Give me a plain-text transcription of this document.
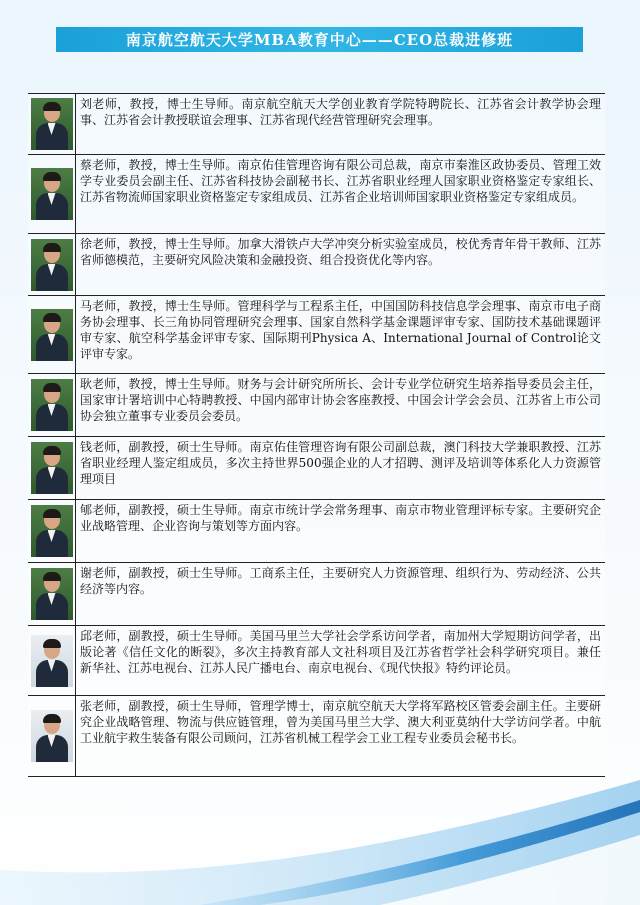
南京航空航天大学MBA教育中心——CEO总裁进修班
刘老师，教授，博士生导师。南京航空航天大学创业教育学院特聘院长、江苏省会计教学协会理事、江苏省会计教授联谊会理事、江苏省现代经营管理研究会理事。
蔡老师，教授，博士生导师。南京佑佳管理咨询有限公司总裁，南京市秦淮区政协委员、管理工效学专业委员会副主任、江苏省科技协会副秘书长、江苏省职业经理人国家职业资格鉴定专家组长、江苏省物流师国家职业资格鉴定专家组成员、江苏省企业培训师国家职业资格鉴定专家组成员。
徐老师，教授，博士生导师。加拿大滑铁卢大学冲突分析实验室成员，校优秀青年骨干教师、江苏省师德模范，主要研究风险决策和金融投资、组合投资优化等内容。
马老师，教授，博士生导师。管理科学与工程系主任，中国国防科技信息学会理事、南京市电子商务协会理事、长三角协同管理研究会理事、国家自然科学基金课题评审专家、国防技术基础课题评审专家、航空科学基金评审专家、国际期刊Physica A、International Journal of Control论文评审专家。
耿老师，教授，博士生导师。财务与会计研究所所长、会计专业学位研究生培养指导委员会主任，国家审计署培训中心特聘教授、中国内部审计协会客座教授、中国会计学会会员、江苏省上市公司协会独立董事专业委员会委员。
钱老师，副教授，硕士生导师。南京佑佳管理咨询有限公司副总裁，澳门科技大学兼职教授、江苏省职业经理人鉴定组成员，多次主持世界500强企业的人才招聘、测评及培训等体系化人力资源管理项目
郇老师，副教授，硕士生导师。南京市统计学会常务理事、南京市物业管理评标专家。主要研究企业战略管理、企业咨询与策划等方面内容。
谢老师，副教授，硕士生导师。工商系主任，主要研究人力资源管理、组织行为、劳动经济、公共经济等内容。
邱老师，副教授，硕士生导师。美国马里兰大学社会学系访问学者，南加州大学短期访问学者，出版论著《信任文化的断裂》，多次主持教育部人文社科项目及江苏省哲学社会科学研究项目。兼任新华社、江苏电视台、江苏人民广播电台、南京电视台、《现代快报》特约评论员。
张老师，副教授，硕士生导师，管理学博士，南京航空航天大学将军路校区管委会副主任。主要研究企业战略管理、物流与供应链管理，曾为美国马里兰大学、澳大利亚莫纳什大学访问学者。中航工业航宇救生装备有限公司顾问，江苏省机械工程学会工业工程专业委员会秘书长。
